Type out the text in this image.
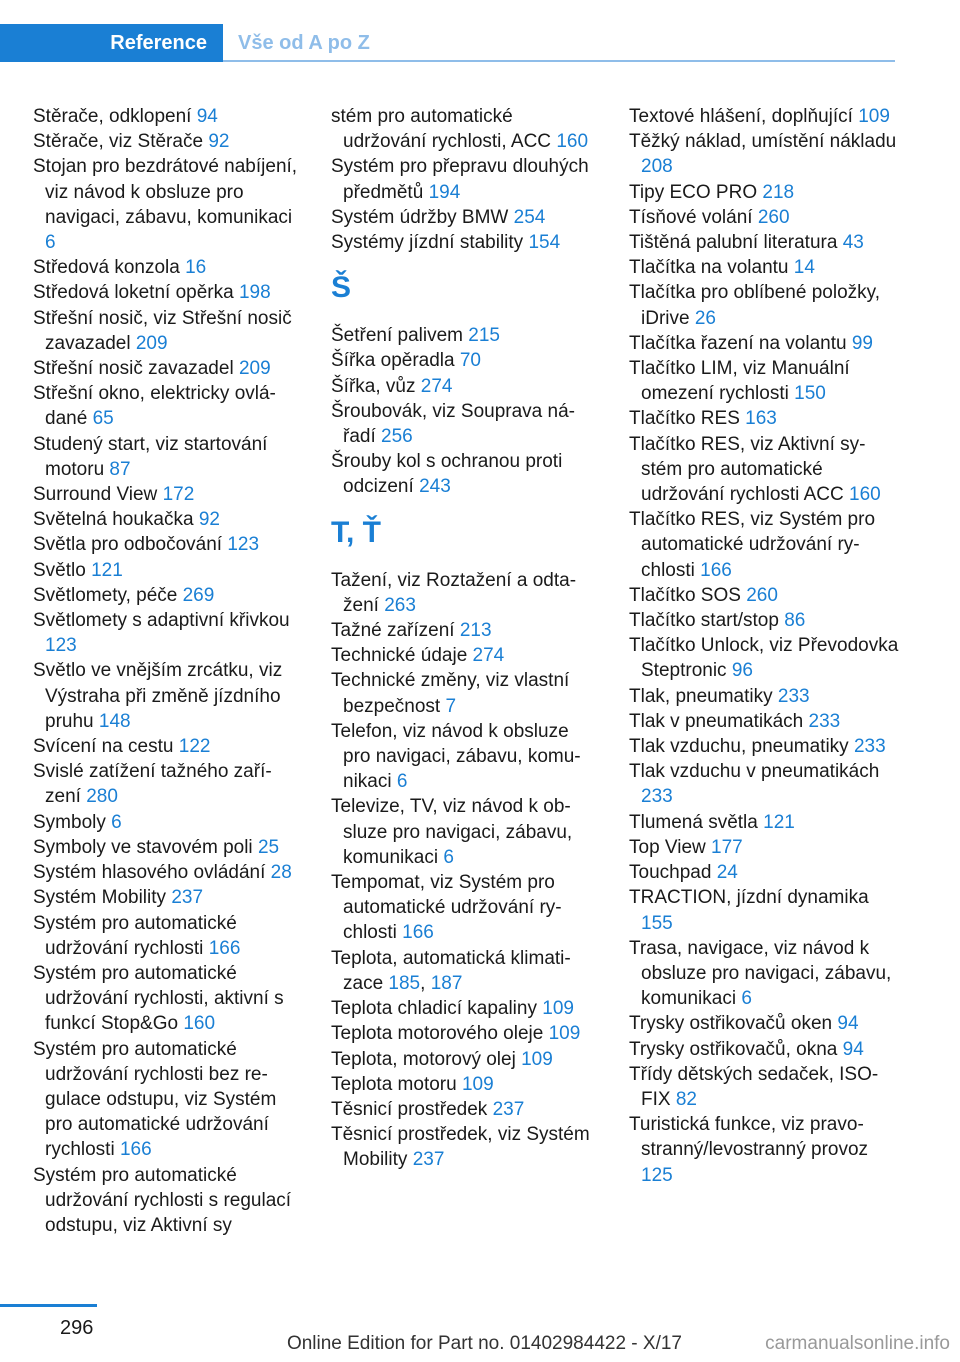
Reference	Vše od A po Z
Stěrače, odklopení 94
Stěrače, viz Stěrače 92
Stojan pro bezdrátové nabíjení, viz návod k obsluze pro navigaci, zábavu, komunikaci 6
Středová konzola 16
Středová loketní opěrka 198
Střešní nosič, viz Střešní nosič zavazadel 209
Střešní nosič zavazadel 209
Střešní okno, elektricky ovládané 65
Studený start, viz startování motoru 87
Surround View 172
Světelná houkačka 92
Světla pro odbočování 123
Světlo 121
Světlomety, péče 269
Světlomety s adaptivní křivkou 123
Světlo ve vnějším zrcátku, viz Výstraha při změně jízdního pruhu 148
Svícení na cestu 122
Svislé zatížení tažného zařízení 280
Symboly 6
Symboly ve stavovém poli 25
Systém hlasového ovládání 28
Systém Mobility 237
Systém pro automatické udržování rychlosti 166
Systém pro automatické udržování rychlosti, aktivní s funkcí Stop&Go 160
Systém pro automatické udržování rychlosti bez regulace odstupu, viz Systém pro automatické udržování rychlosti 166
Systém pro automatické udržování rychlosti s regulací odstupu, viz Aktivní sy
stém pro automatické udržování rychlosti, ACC 160
Systém pro přepravu dlouhých předmětů 194
Systém údržby BMW 254
Systémy jízdní stability 154
Š
Šetření palivem 215
Šířka opěradla 70
Šířka, vůz 274
Šroubovák, viz Souprava nářadí 256
Šrouby kol s ochranou proti odcizení 243
T, Ť
Tažení, viz Roztažení a odtažení 263
Tažné zařízení 213
Technické údaje 274
Technické změny, viz vlastní bezpečnost 7
Telefon, viz návod k obsluze pro navigaci, zábavu, komunikaci 6
Televize, TV, viz návod k obsluze pro navigaci, zábavu, komunikaci 6
Tempomat, viz Systém pro automatické udržování rychlosti 166
Teplota, automatická klimatizace 185, 187
Teplota chladicí kapaliny 109
Teplota motorového oleje 109
Teplota, motorový olej 109
Teplota motoru 109
Těsnicí prostředek 237
Těsnicí prostředek, viz Systém Mobility 237
Textové hlášení, doplňující 109
Těžký náklad, umístění nákladu 208
Tipy ECO PRO 218
Tísňové volání 260
Tištěná palubní literatura 43
Tlačítka na volantu 14
Tlačítka pro oblíbené položky, iDrive 26
Tlačítka řazení na volantu 99
Tlačítko LIM, viz Manuální omezení rychlosti 150
Tlačítko RES 163
Tlačítko RES, viz Aktivní systém pro automatické udržování rychlosti ACC 160
Tlačítko RES, viz Systém pro automatické udržování rychlosti 166
Tlačítko SOS 260
Tlačítko start/stop 86
Tlačítko Unlock, viz Převodovka Steptronic 96
Tlak, pneumatiky 233
Tlak v pneumatikách 233
Tlak vzduchu, pneumatiky 233
Tlak vzduchu v pneumatikách 233
Tlumená světla 121
Top View 177
Touchpad 24
TRACTION, jízdní dynamika 155
Trasa, navigace, viz návod k obsluze pro navigaci, zábavu, komunikaci 6
Trysky ostřikovačů oken 94
Trysky ostřikovačů, okna 94
Třídy dětských sedaček, ISOFIX 82
Turistická funkce, viz pravostranný/levostranný provoz 125
296
Online Edition for Part no. 01402984422 - X/17	carmanualsonline.info
